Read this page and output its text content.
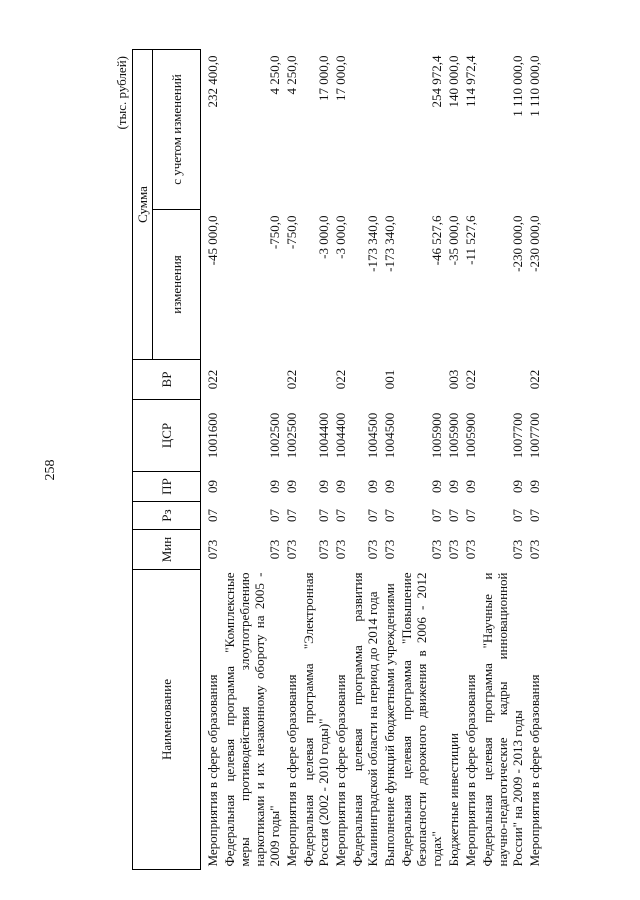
258
(тыс. рублей)
Наименование	Мин	Рз	ПР	ЦСР	ВР	Сумма	
						изменения	с учетом изменений
Мероприятия в сфере образования	073	07	09	1001600	022	-45 000,0	232 400,0
Федеральная целевая программа "Комплексные меры противодействия злоупотреблению наркотиками и их незаконному обороту на 2005 - 2009 годы"	073	07	09	1002500		-750,0	4 250,0
Мероприятия в сфере образования	073	07	09	1002500	022	-750,0	4 250,0
Федеральная целевая программа "Электронная Россия (2002 - 2010 годы)"	073	07	09	1004400		-3 000,0	17 000,0
Мероприятия в сфере образования	073	07	09	1004400	022	-3 000,0	17 000,0
Федеральная целевая программа развития Калининградской области на период до 2014 года	073	07	09	1004500		-173 340,0	
Выполнение функций бюджетными учреждениями	073	07	09	1004500	001	-173 340,0	
Федеральная целевая программа "Повышение безопасности дорожного движения в 2006 - 2012 годах"	073	07	09	1005900		-46 527,6	254 972,4
Бюджетные инвестиции	073	07	09	1005900	003	-35 000,0	140 000,0
Мероприятия в сфере образования	073	07	09	1005900	022	-11 527,6	114 972,4
Федеральная целевая программа "Научные и научно-педагогические кадры инновационной России" на 2009 - 2013 годы	073	07	09	1007700		-230 000,0	1 110 000,0
Мероприятия в сфере образования	073	07	09	1007700	022	-230 000,0	1 110 000,0
